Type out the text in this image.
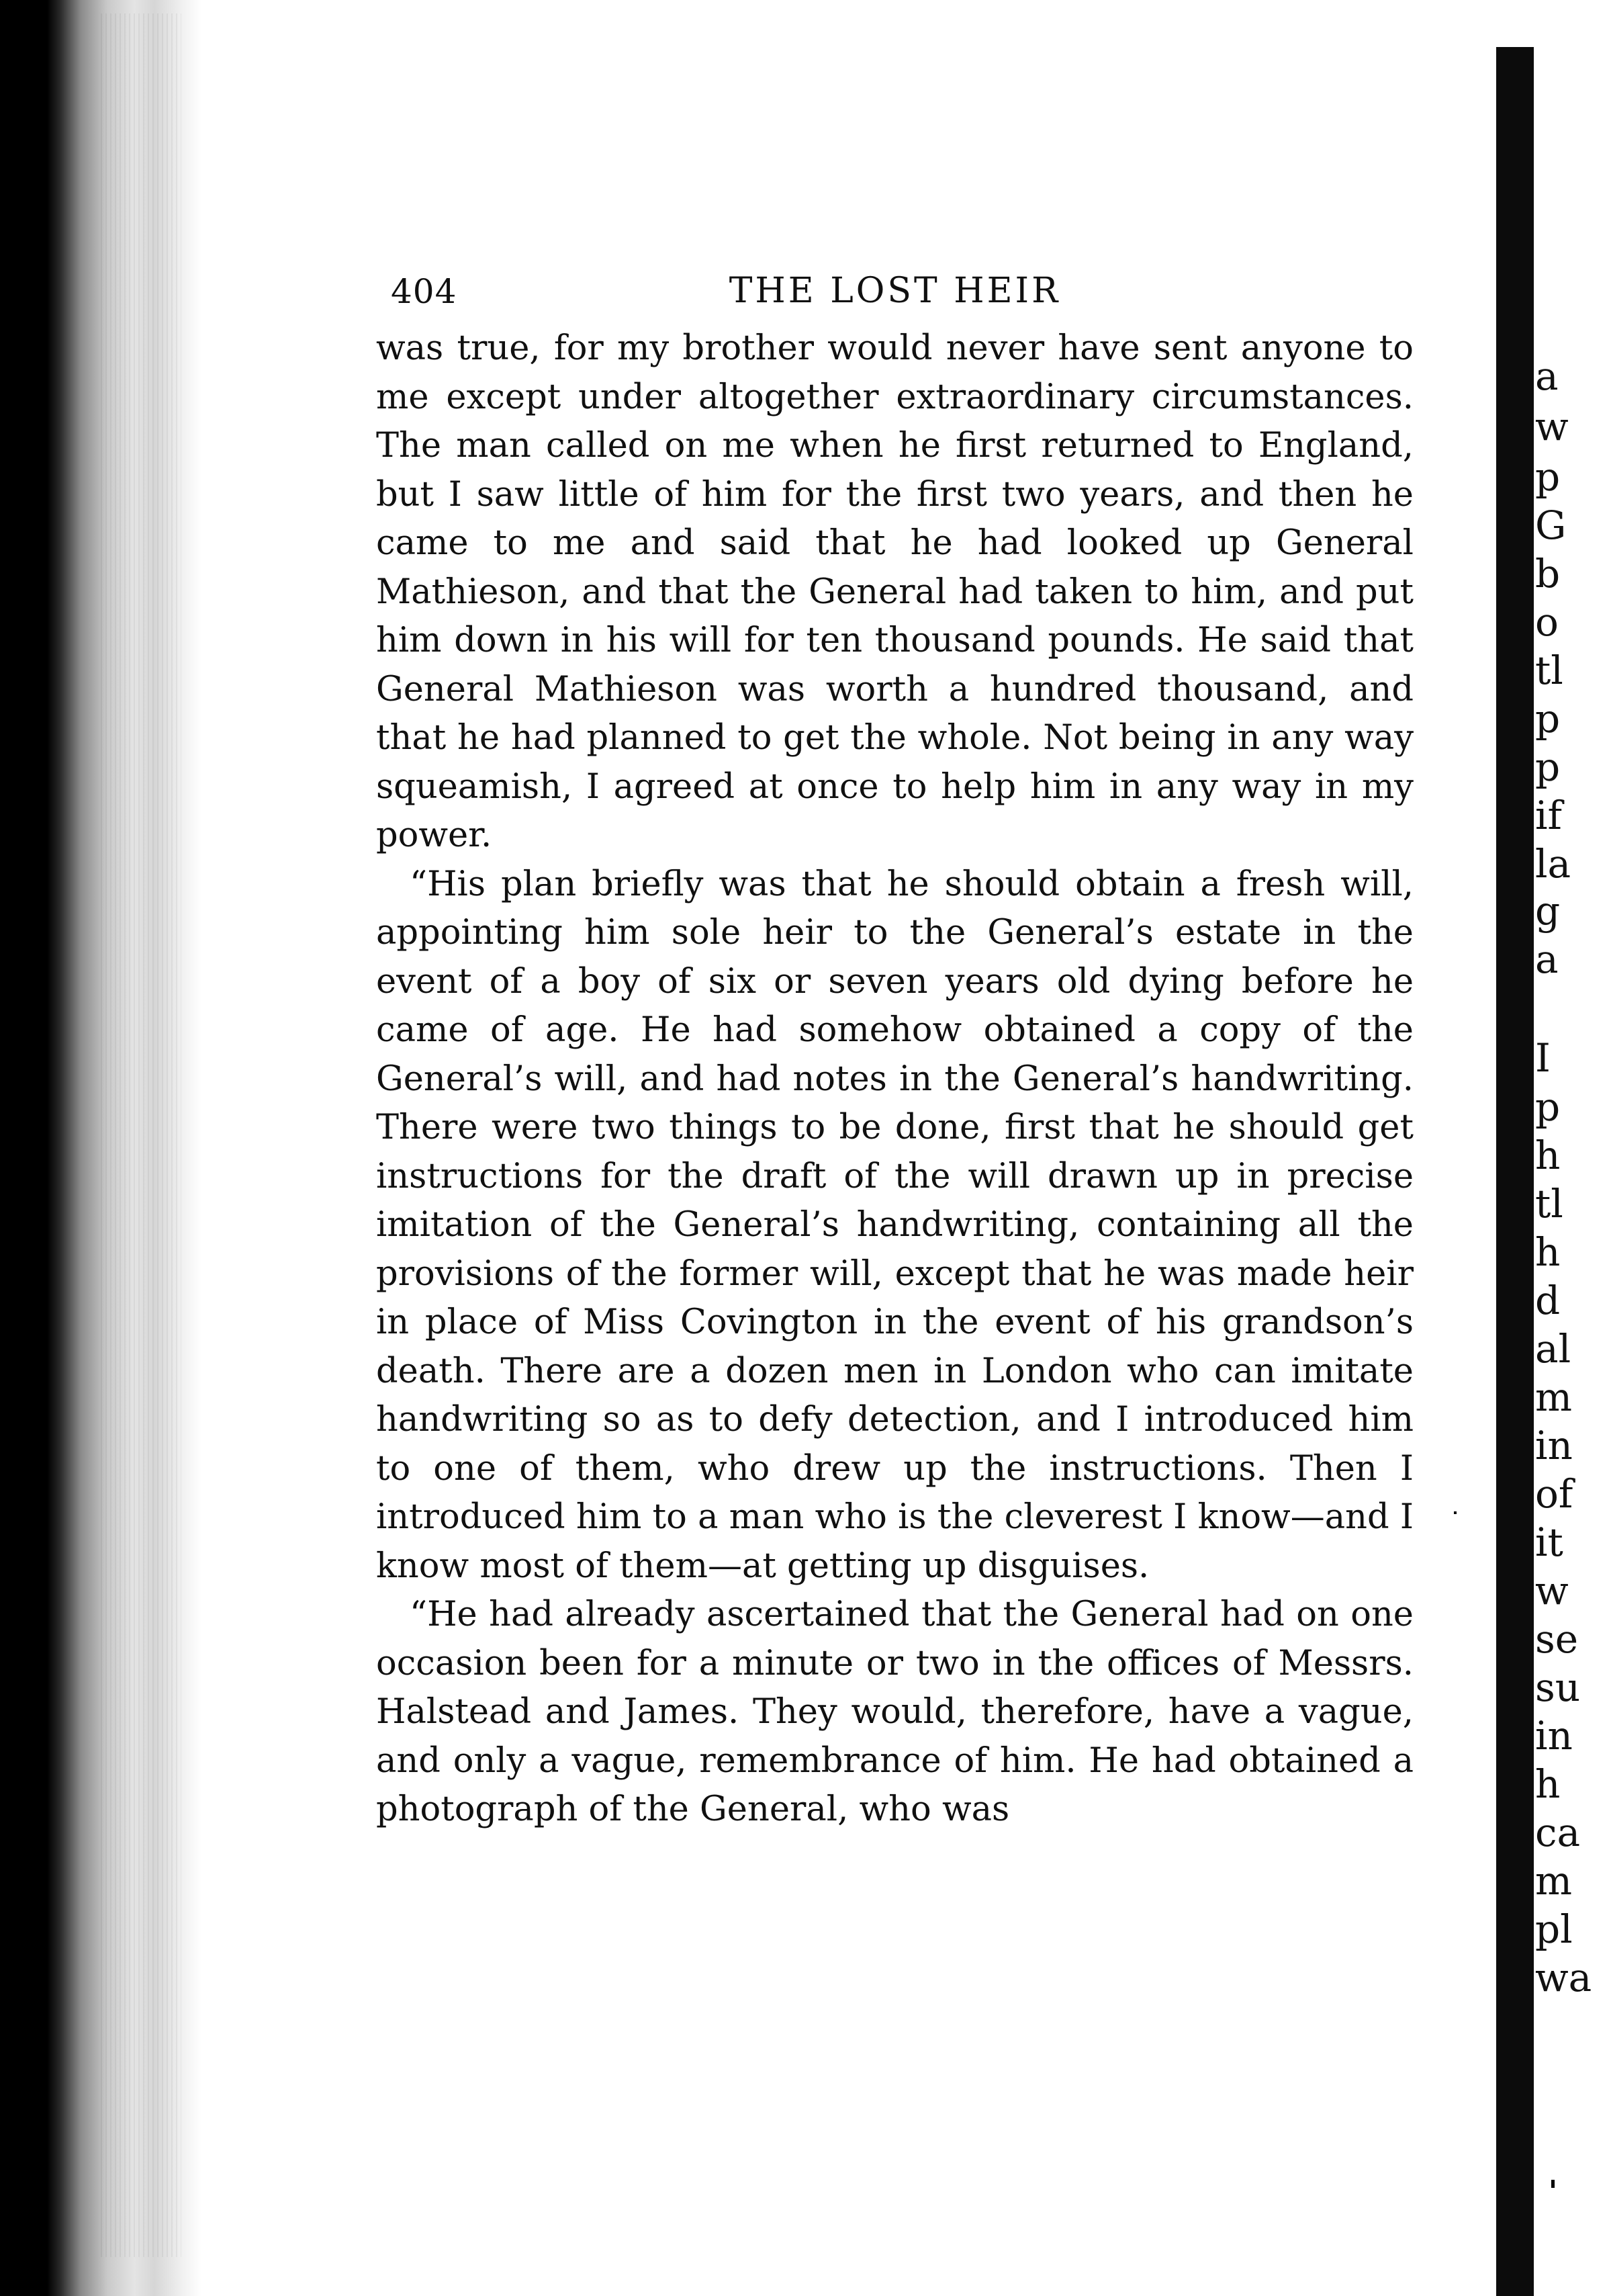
a
w
p
G
b
o
tl
p
p
if
la
g
a
I
p
h
tl
h
d
al
m
in
of
it
w
se
su
in
h
ca
m
pl
wa
404	THE LOST HEIR

was true, for my brother would never have sent anyone to me except under altogether extraordinary circumstances. The man called on me when he first returned to England, but I saw little of him for the first two years, and then he came to me and said that he had looked up General Mathieson, and that the General had taken to him, and put him down in his will for ten thousand pounds. He said that General Mathieson was worth a hundred thousand, and that he had planned to get the whole. Not being in any way squeamish, I agreed at once to help him in any way in my power.

“His plan briefly was that he should obtain a fresh will, appointing him sole heir to the General’s estate in the event of a boy of six or seven years old dying before he came of age. He had somehow obtained a copy of the General’s will, and had notes in the General’s handwriting. There were two things to be done, first that he should get instructions for the draft of the will drawn up in precise imitation of the General’s handwriting, containing all the provisions of the former will, except that he was made heir in place of Miss Covington in the event of his grandson’s death. There are a dozen men in London who can imitate handwriting so as to defy detection, and I introduced him to one of them, who drew up the instructions. Then I introduced him to a man who is the cleverest I know—and I know most of them—at getting up disguises.

“He had already ascertained that the General had on one occasion been for a minute or two in the offices of Messrs. Halstead and James. They would, therefore, have a vague, and only a vague, remembrance of him. He had obtained a photograph of the General, who was
